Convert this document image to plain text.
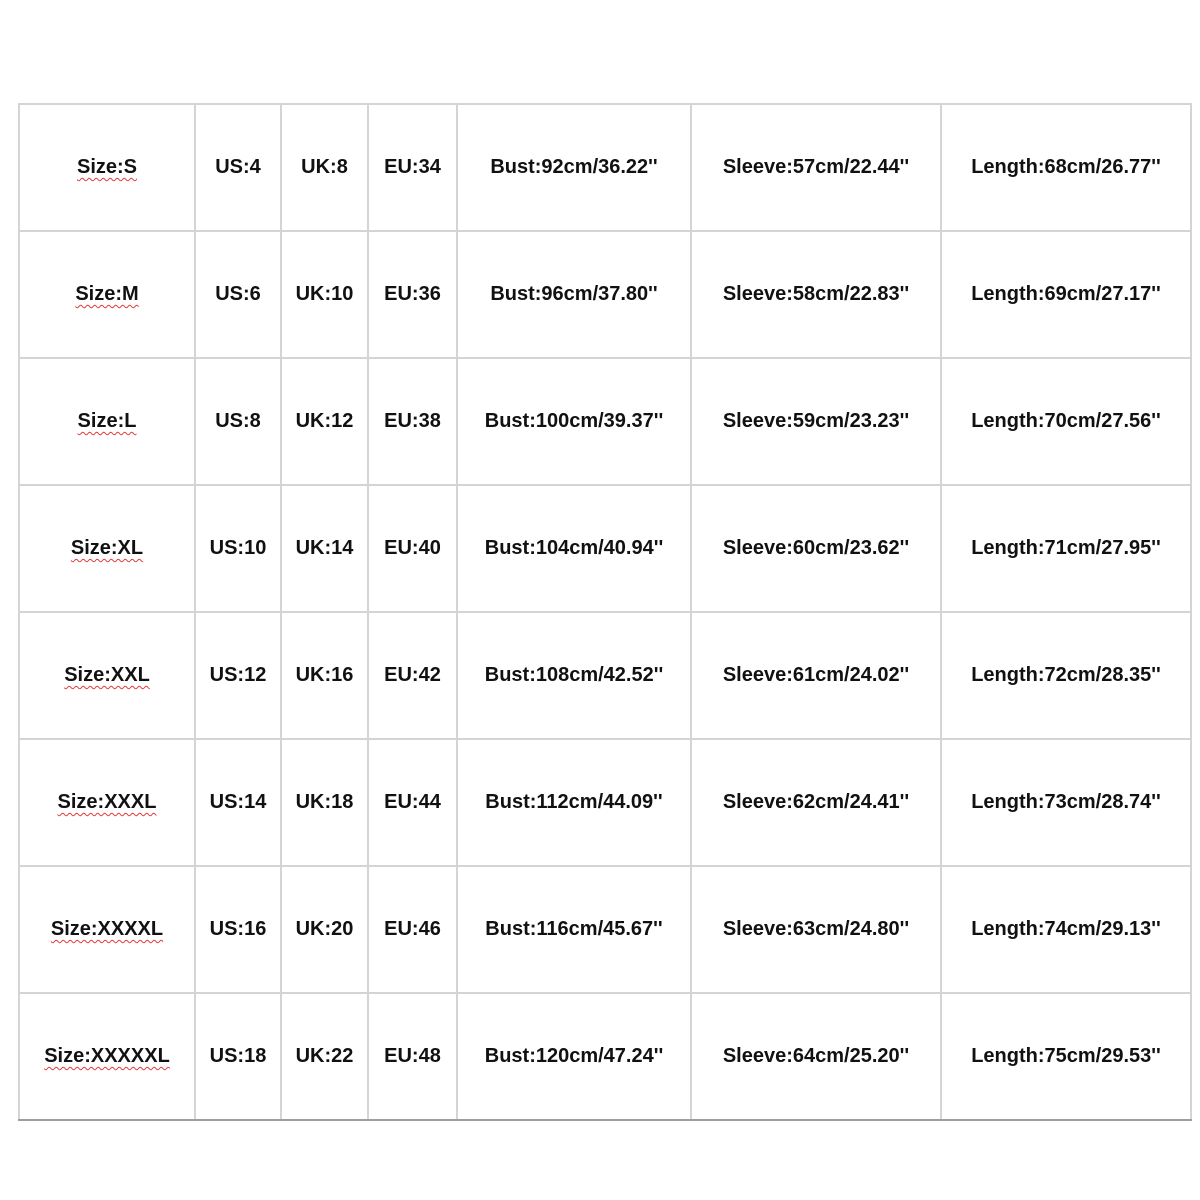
Size:S	US:4	UK:8	EU:34	Bust:92cm/36.22''	Sleeve:57cm/22.44''	Length:68cm/26.77''
Size:M	US:6	UK:10	EU:36	Bust:96cm/37.80''	Sleeve:58cm/22.83''	Length:69cm/27.17''
Size:L	US:8	UK:12	EU:38	Bust:100cm/39.37''	Sleeve:59cm/23.23''	Length:70cm/27.56''
Size:XL	US:10	UK:14	EU:40	Bust:104cm/40.94''	Sleeve:60cm/23.62''	Length:71cm/27.95''
Size:XXL	US:12	UK:16	EU:42	Bust:108cm/42.52''	Sleeve:61cm/24.02''	Length:72cm/28.35''
Size:XXXL	US:14	UK:18	EU:44	Bust:112cm/44.09''	Sleeve:62cm/24.41''	Length:73cm/28.74''
Size:XXXXL	US:16	UK:20	EU:46	Bust:116cm/45.67''	Sleeve:63cm/24.80''	Length:74cm/29.13''
Size:XXXXXL	US:18	UK:22	EU:48	Bust:120cm/47.24''	Sleeve:64cm/25.20''	Length:75cm/29.53''
